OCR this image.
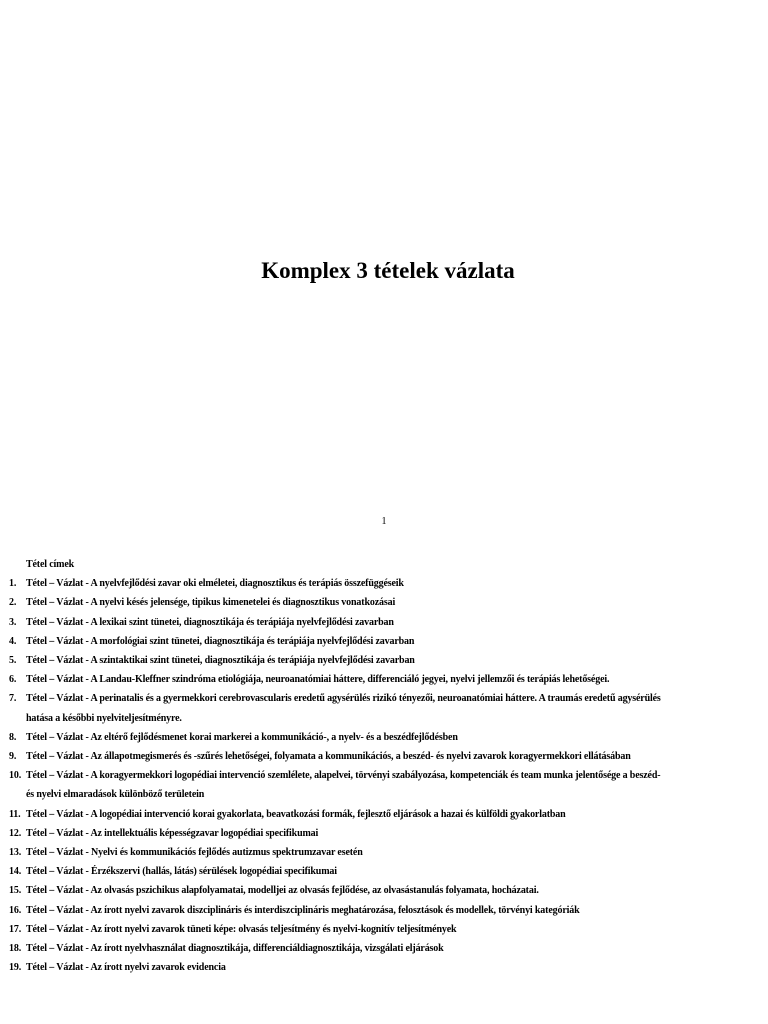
Komplex 3 tételek vázlata
1
Tétel címek
1. Tétel – Vázlat - A nyelvfejlődési zavar oki elméletei, diagnosztikus és terápiás összefüggéseik
2. Tétel – Vázlat - A nyelvi késés jelensége, tipikus kimenetelei és diagnosztikus vonatkozásai
3. Tétel – Vázlat - A lexikai szint tünetei, diagnosztikája és terápiája nyelvfejlődési zavarban
4. Tétel – Vázlat - A morfológiai szint tünetei, diagnosztikája és terápiája nyelvfejlődési zavarban
5. Tétel – Vázlat - A szintaktikai szint tünetei, diagnosztikája és terápiája nyelvfejlődési zavarban
6. Tétel – Vázlat - A Landau-Kleffner szindróma etiológiája, neuroanatómiai háttere, differenciáló jegyei, nyelvi jellemzői és terápiás lehetőségei.
7. Tétel – Vázlat - A perinatalis és a gyermekkori cerebrovascularis eredetű agysérülés rizikó tényezői, neuroanatómiai háttere. A traumás eredetű agysérülés
hatása a későbbi nyelviteljesítményre.
8. Tétel – Vázlat - Az eltérő fejlődésmenet korai markerei a kommunikáció-, a nyelv- és a beszédfejlődésben
9. Tétel – Vázlat - Az állapotmegismerés és -szűrés lehetőségei, folyamata a kommunikációs, a beszéd- és nyelvi zavarok koragyermekkori ellátásában
10. Tétel – Vázlat - A koragyermekkori logopédiai intervenció szemlélete, alapelvei, törvényi szabályozása, kompetenciák és team munka jelentősége a beszéd-
és nyelvi elmaradások különböző területein
11. Tétel – Vázlat - A logopédiai intervenció korai gyakorlata, beavatkozási formák, fejlesztő eljárások a hazai és külföldi gyakorlatban
12. Tétel – Vázlat - Az intellektuális képességzavar logopédiai specifikumai
13. Tétel – Vázlat - Nyelvi és kommunikációs fejlődés autizmus spektrumzavar esetén
14. Tétel – Vázlat - Érzékszervi (hallás, látás) sérülések logopédiai specifikumai
15. Tétel – Vázlat - Az olvasás pszichikus alapfolyamatai, modelljei az olvasás fejlődése, az olvasástanulás folyamata, hocházatai.
16. Tétel – Vázlat - Az írott nyelvi zavarok diszciplináris és interdiszciplináris meghatározása, felosztások és modellek, törvényi kategóriák
17. Tétel – Vázlat - Az írott nyelvi zavarok tüneti képe: olvasás teljesítmény és nyelvi-kognitív teljesítmények
18. Tétel – Vázlat - Az írott nyelvhasználat diagnosztikája, differenciáldiagnosztikája, vizsgálati eljárások
19. Tétel – Vázlat - Az írott nyelvi zavarok evidencia
